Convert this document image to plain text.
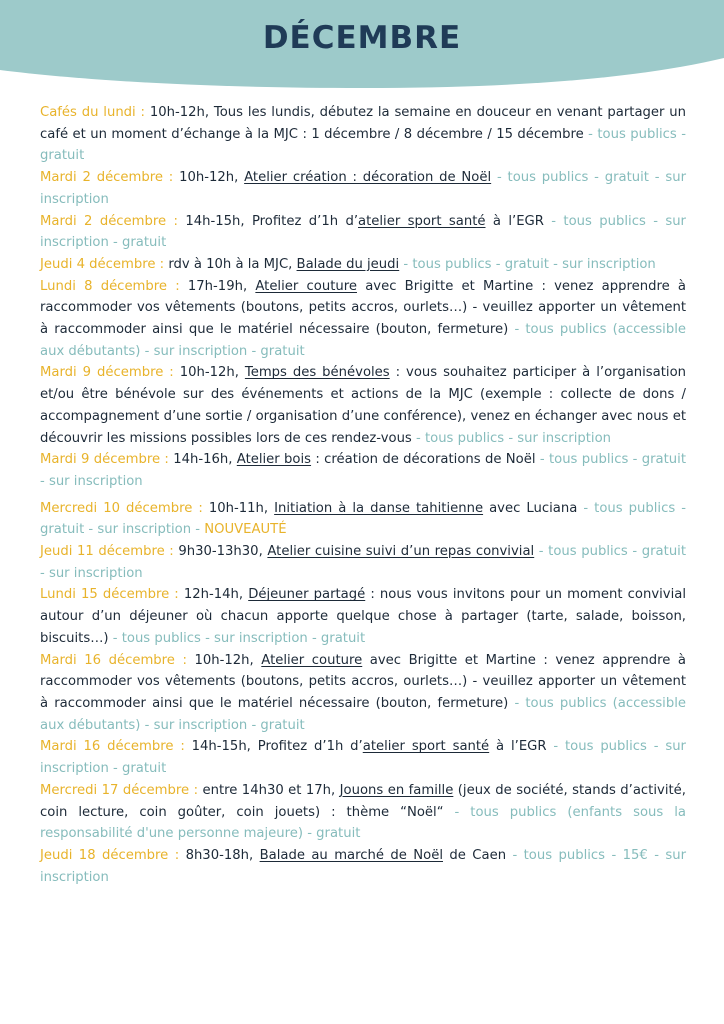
DÉCEMBRE

Cafés du lundi : 10h-12h, Tous les lundis, débutez la semaine en douceur en venant partager un café et un moment d’échange à la MJC : 1 décembre / 8 décembre / 15 décembre - tous publics - gratuit

Mardi 2 décembre : 10h-12h, Atelier création : décoration de Noël - tous publics - gratuit - sur inscription

Mardi 2 décembre : 14h-15h, Profitez d’1h d’atelier sport santé à l’EGR - tous publics - sur inscription - gratuit

Jeudi 4 décembre : rdv à 10h à la MJC, Balade du jeudi - tous publics - gratuit - sur inscription

Lundi 8 décembre : 17h-19h, Atelier couture avec Brigitte et Martine : venez apprendre à raccommoder vos vêtements (boutons, petits accros, ourlets…) - veuillez apporter un vêtement à raccommoder ainsi que le matériel nécessaire (bouton, fermeture) - tous publics (accessible aux débutants) - sur inscription - gratuit

Mardi 9 décembre : 10h-12h, Temps des bénévoles : vous souhaitez participer à l’organisation et/ou être bénévole sur des événements et actions de la MJC (exemple : collecte de dons / accompagnement d’une sortie / organisation d’une conférence), venez en échanger avec nous et découvrir les missions possibles lors de ces rendez-vous - tous publics - sur inscription

Mardi 9 décembre : 14h-16h, Atelier bois : création de décorations de Noël - tous publics - gratuit - sur inscription

Mercredi 10 décembre : 10h-11h, Initiation à la danse tahitienne avec Luciana - tous publics - gratuit - sur inscription - NOUVEAUTÉ

Jeudi 11 décembre : 9h30-13h30, Atelier cuisine suivi d’un repas convivial - tous publics - gratuit - sur inscription

Lundi 15 décembre : 12h-14h, Déjeuner partagé : nous vous invitons pour un moment convivial autour d’un déjeuner où chacun apporte quelque chose à partager (tarte, salade, boisson, biscuits…) - tous publics - sur inscription - gratuit

Mardi 16 décembre : 10h-12h, Atelier couture avec Brigitte et Martine : venez apprendre à raccommoder vos vêtements (boutons, petits accros, ourlets…) - veuillez apporter un vêtement à raccommoder ainsi que le matériel nécessaire (bouton, fermeture) - tous publics (accessible aux débutants) - sur inscription - gratuit

Mardi 16 décembre : 14h-15h, Profitez d’1h d’atelier sport santé à l’EGR - tous publics - sur inscription - gratuit

Mercredi 17 décembre : entre 14h30 et 17h, Jouons en famille (jeux de société, stands d’activité, coin lecture, coin goûter, coin jouets) : thème “Noël“ - tous publics (enfants sous la responsabilité d'une personne majeure) - gratuit

Jeudi 18 décembre : 8h30-18h, Balade au marché de Noël de Caen - tous publics - 15€ - sur inscription
